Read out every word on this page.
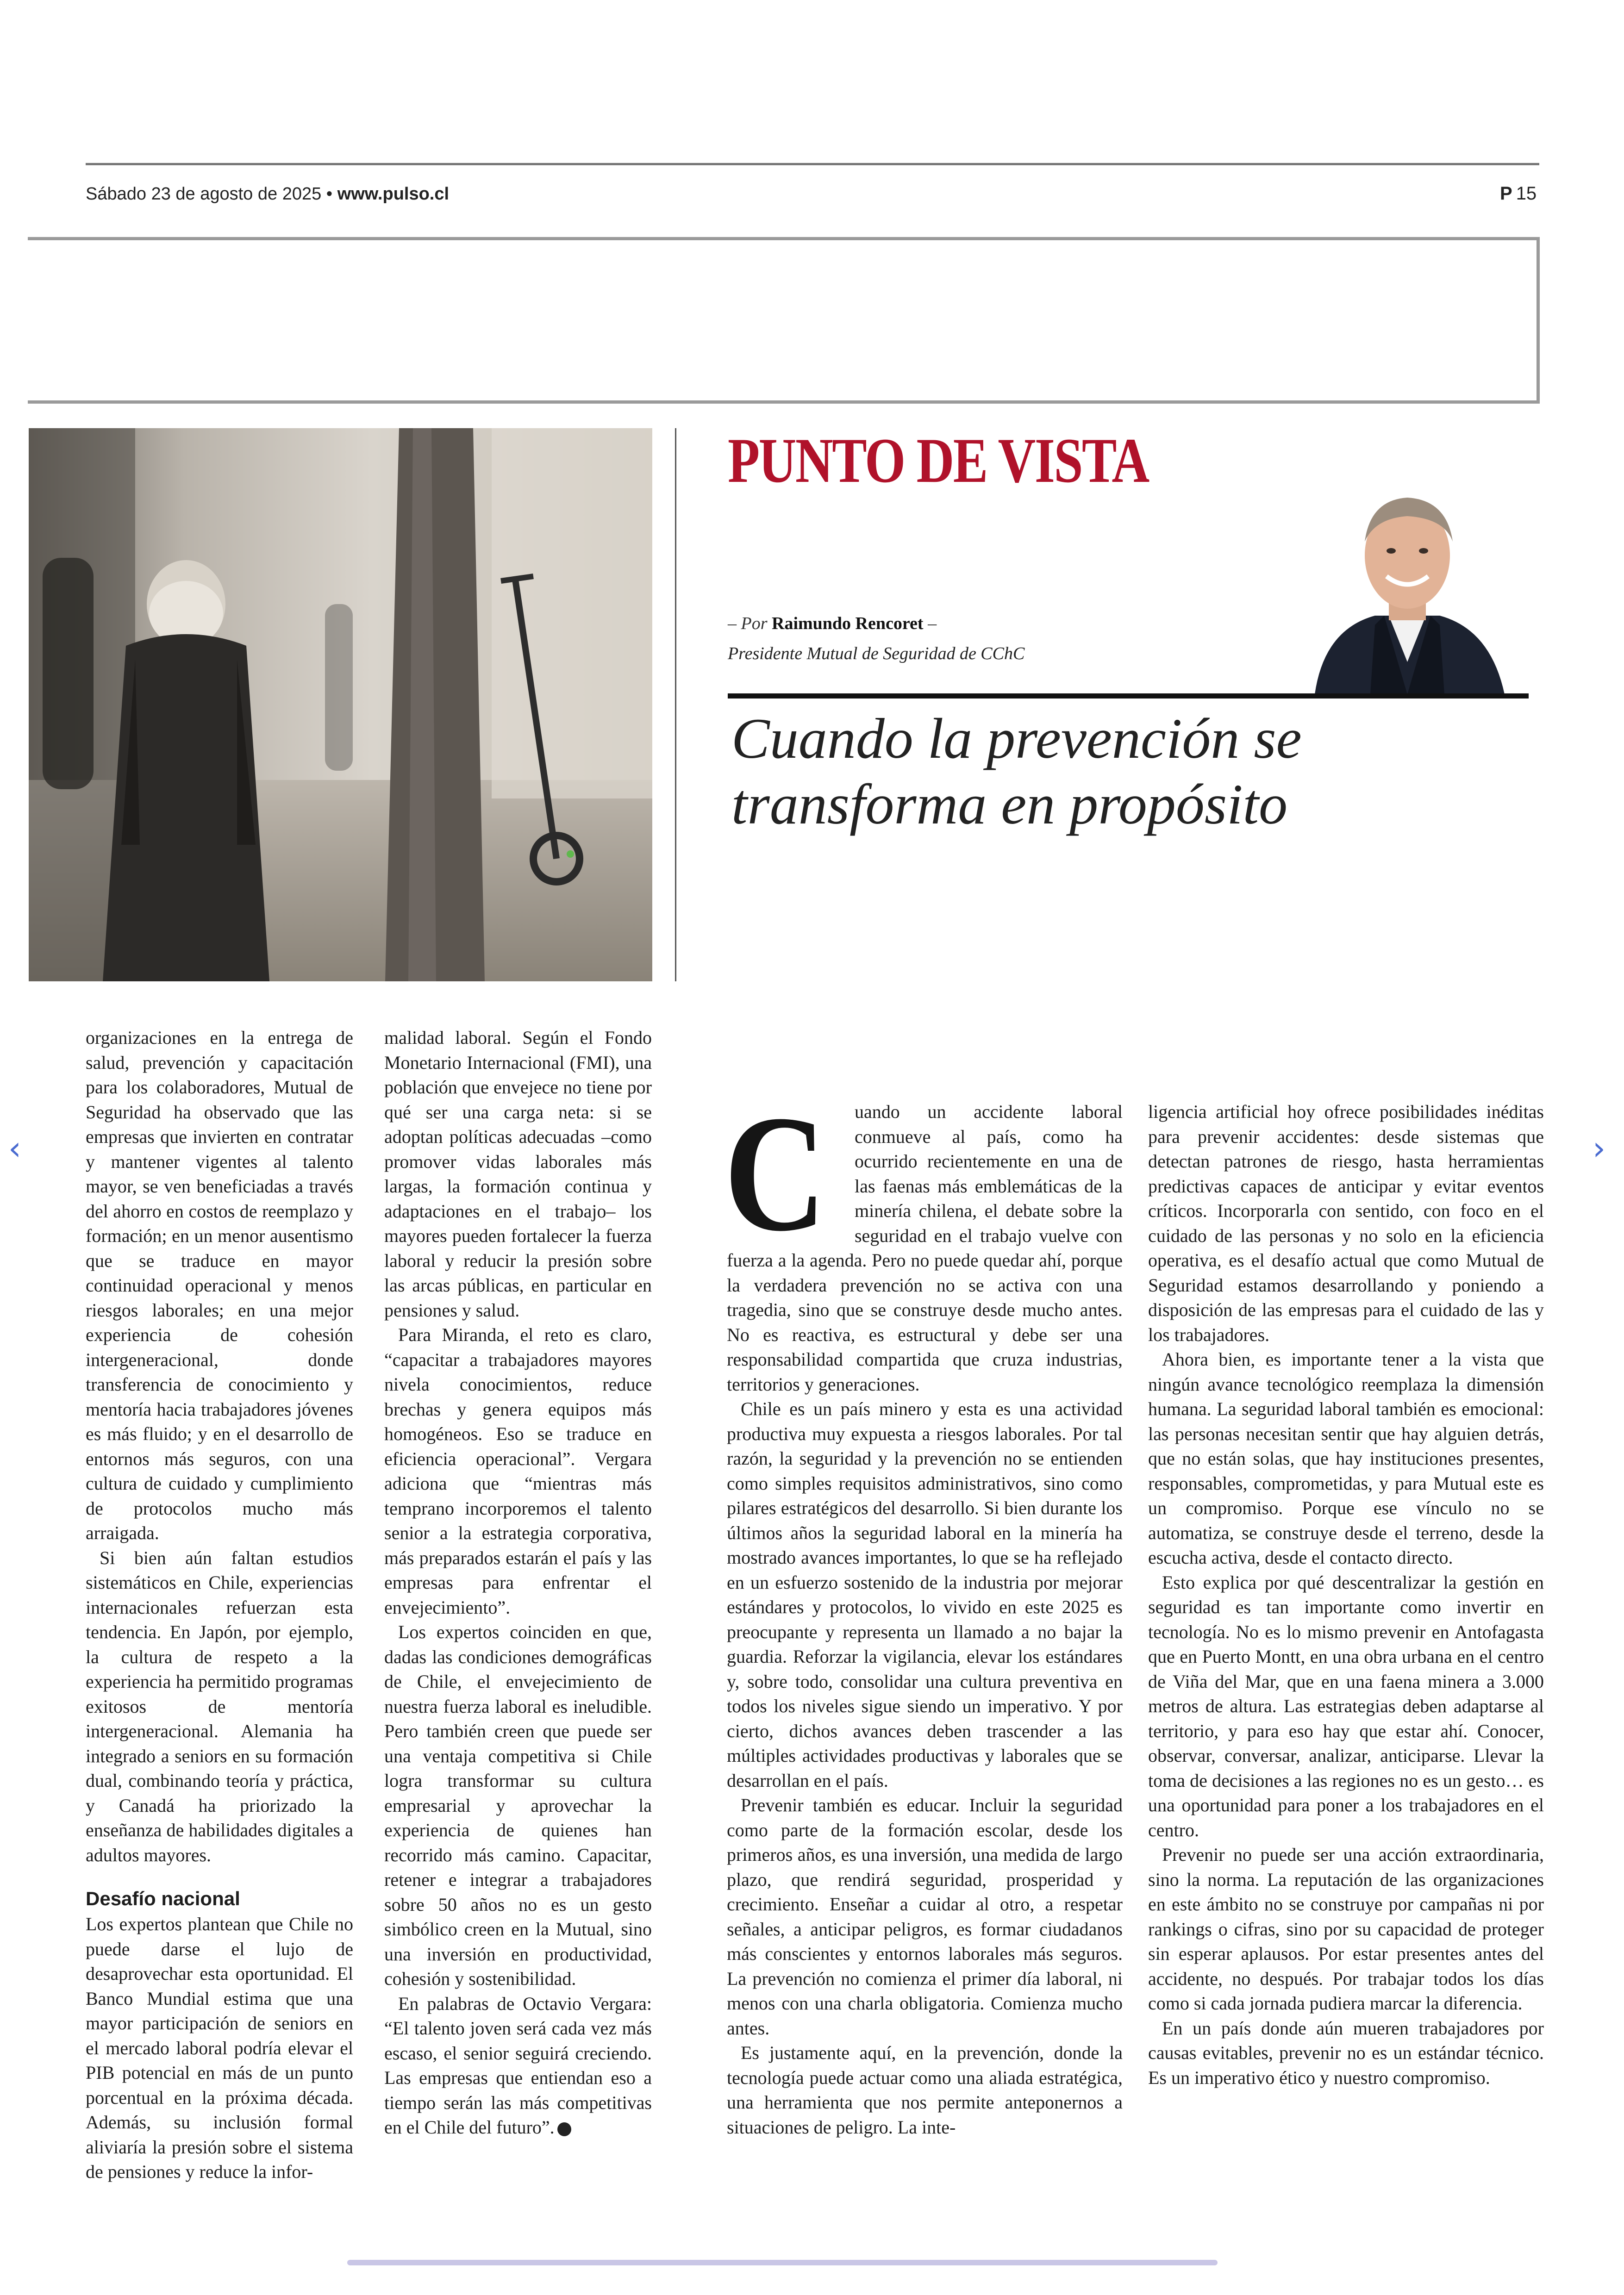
Sábado 23 de agosto de 2025 • www.pulso.cl	P 15
PUNTO DE VISTA
– Por Raimundo Rencoret –
Presidente Mutual de Seguridad de CChC
Cuando la prevención se transforma en propósito

organizaciones en la entrega de salud, prevención y capacitación para los colaboradores, Mutual de Seguridad ha observado que las empresas que invierten en contratar y mantener vigentes al talento mayor, se ven beneficiadas a través del ahorro en costos de reemplazo y formación; en un menor ausentismo que se traduce en mayor continuidad operacional y menos riesgos laborales; en una mejor experiencia de cohesión intergeneracional, donde transferencia de conocimiento y mentoría hacia trabajadores jóvenes es más fluido; y en el desarrollo de entornos más seguros, con una cultura de cuidado y cumplimiento de protocolos mucho más arraigada.

Si bien aún faltan estudios sistemáticos en Chile, experiencias internacionales refuerzan esta tendencia. En Japón, por ejemplo, la cultura de respeto a la experiencia ha permitido programas exitosos de mentoría intergeneracional. Alemania ha integrado a seniors en su formación dual, combinando teoría y práctica, y Canadá ha priorizado la enseñanza de habilidades digitales a adultos mayores.

Desafío nacional

Los expertos plantean que Chile no puede darse el lujo de desaprovechar esta oportunidad. El Banco Mundial estima que una mayor participación de seniors en el mercado laboral podría elevar el PIB potencial en más de un punto porcentual en la próxima década. Además, su inclusión formal aliviaría la presión sobre el sistema de pensiones y reduce la infor-

malidad laboral. Según el Fondo Monetario Internacional (FMI), una población que envejece no tiene por qué ser una carga neta: si se adoptan políticas adecuadas –como promover vidas laborales más largas, la formación continua y adaptaciones en el trabajo– los mayores pueden fortalecer la fuerza laboral y reducir la presión sobre las arcas públicas, en particular en pensiones y salud.

Para Miranda, el reto es claro, “capacitar a trabajadores mayores nivela conocimientos, reduce brechas y genera equipos más homogéneos. Eso se traduce en eficiencia operacional”. Vergara adiciona que “mientras más temprano incorporemos el talento senior a la estrategia corporativa, más preparados estarán el país y las empresas para enfrentar el envejecimiento”.

Los expertos coinciden en que, dadas las condiciones demográficas de Chile, el envejecimiento de nuestra fuerza laboral es ineludible. Pero también creen que puede ser una ventaja competitiva si Chile logra transformar su cultura empresarial y aprovechar la experiencia de quienes han recorrido más camino. Capacitar, retener e integrar a trabajadores sobre 50 años no es un gesto simbólico creen en la Mutual, sino una inversión en productividad, cohesión y sostenibilidad.

En palabras de Octavio Vergara: “El talento joven será cada vez más escaso, el senior seguirá creciendo. Las empresas que entiendan eso a tiempo serán las más competitivas en el Chile del futuro”. P

C uando un accidente laboral conmueve al país, como ha ocurrido recientemente en una de las faenas más emblemáticas de la minería chilena, el debate sobre la seguridad en el trabajo vuelve con fuerza a la agenda. Pero no puede quedar ahí, porque la verdadera prevención no se activa con una tragedia, sino que se construye desde mucho antes. No es reactiva, es estructural y debe ser una responsabilidad compartida que cruza industrias, territorios y generaciones.

Chile es un país minero y esta es una actividad productiva muy expuesta a riesgos laborales. Por tal razón, la seguridad y la prevención no se entienden como simples requisitos administrativos, sino como pilares estratégicos del desarrollo. Si bien durante los últimos años la seguridad laboral en la minería ha mostrado avances importantes, lo que se ha reflejado en un esfuerzo sostenido de la industria por mejorar estándares y protocolos, lo vivido en este 2025 es preocupante y representa un llamado a no bajar la guardia. Reforzar la vigilancia, elevar los estándares y, sobre todo, consolidar una cultura preventiva en todos los niveles sigue siendo un imperativo. Y por cierto, dichos avances deben trascender a las múltiples actividades productivas y laborales que se desarrollan en el país.

Prevenir también es educar. Incluir la seguridad como parte de la formación escolar, desde los primeros años, es una inversión, una medida de largo plazo, que rendirá seguridad, prosperidad y crecimiento. Enseñar a cuidar al otro, a respetar señales, a anticipar peligros, es formar ciudadanos más conscientes y entornos laborales más seguros. La prevención no comienza el primer día laboral, ni menos con una charla obligatoria. Comienza mucho antes.

Es justamente aquí, en la prevención, donde la tecnología puede actuar como una aliada estratégica, una herramienta que nos permite anteponernos a situaciones de peligro. La inte-

ligencia artificial hoy ofrece posibilidades inéditas para prevenir accidentes: desde sistemas que detectan patrones de riesgo, hasta herramientas predictivas capaces de anticipar y evitar eventos críticos. Incorporarla con sentido, con foco en el cuidado de las personas y no solo en la eficiencia operativa, es el desafío actual que como Mutual de Seguridad estamos desarrollando y poniendo a disposición de las empresas para el cuidado de las y los trabajadores.

Ahora bien, es importante tener a la vista que ningún avance tecnológico reemplaza la dimensión humana. La seguridad laboral también es emocional: las personas necesitan sentir que hay alguien detrás, que no están solas, que hay instituciones presentes, responsables, comprometidas, y para Mutual este es un compromiso. Porque ese vínculo no se automatiza, se construye desde el terreno, desde la escucha activa, desde el contacto directo.

Esto explica por qué descentralizar la gestión en seguridad es tan importante como invertir en tecnología. No es lo mismo prevenir en Antofagasta que en Puerto Montt, en una obra urbana en el centro de Viña del Mar, que en una faena minera a 3.000 metros de altura. Las estrategias deben adaptarse al territorio, y para eso hay que estar ahí. Conocer, observar, conversar, analizar, anticiparse. Llevar la toma de decisiones a las regiones no es un gesto… es una oportunidad para poner a los trabajadores en el centro.

Prevenir no puede ser una acción extraordinaria, sino la norma. La reputación de las organizaciones en este ámbito no se construye por campañas ni por rankings o cifras, sino por su capacidad de proteger sin esperar aplausos. Por estar presentes antes del accidente, no después. Por trabajar todos los días como si cada jornada pudiera marcar la diferencia.

En un país donde aún mueren trabajadores por causas evitables, prevenir no es un estándar técnico. Es un imperativo ético y nuestro compromiso.

‹	›
